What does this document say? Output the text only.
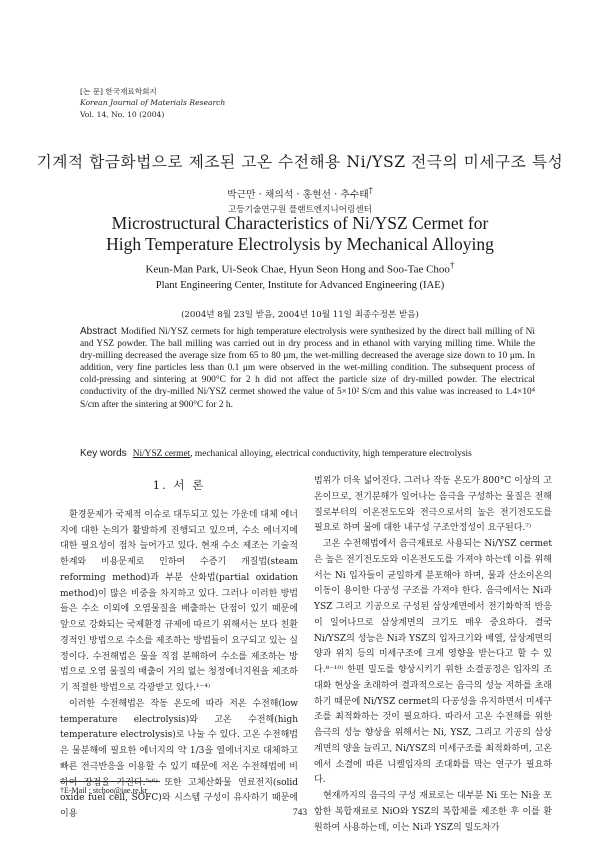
[논 문] 한국재료학회지
Korean Journal of Materials Research
Vol. 14, No. 10 (2004)
기계적 합금화법으로 제조된 고온 수전해용 Ni/YSZ 전극의 미세구조 특성
박근만 · 채의석 · 홍현선 · 추수태†
고등기술연구원 플랜트엔지니어링센터
Microstructural Characteristics of Ni/YSZ Cermet for
High Temperature Electrolysis by Mechanical Alloying
Keun-Man Park, Ui-Seok Chae, Hyun Seon Hong and Soo-Tae Choo†
Plant Engineering Center, Institute for Advanced Engineering (IAE)
(2004년 8월 23일 받음, 2004년 10월 11일 최종수정본 받음)
Abstract Modified Ni/YSZ cermets for high temperature electrolysis were synthesized by the direct ball milling of Ni and YSZ powder. The ball milling was carried out in dry process and in ethanol with varying milling time. While the dry-milling decreased the average size from 65 to 80 μm, the wet-milling decreased the average size down to 10 μm. In addition, very fine particles less than 0.1 μm were observed in the wet-milling condition. The subsequent process of cold-pressing and sintering at 900°C for 2 h did not affect the particle size of dry-milled powder. The electrical conductivity of the dry-milled Ni/YSZ cermet showed the value of 5×10² S/cm and this value was increased to 1.4×10⁴ S/cm after the sintering at 900°C for 2 h.
Key words Ni/YSZ cermet, mechanical alloying, electrical conductivity, high temperature electrolysis

1. 서 론

환경문제가 국제적 이슈로 대두되고 있는 가운데 대체 에너지에 대한 논의가 활발하게 진행되고 있으며, 수소 에너지에 대한 필요성이 점차 늘어가고 있다. 현재 수소 제조는 기술적 한계와 비용문제로 인하여 수증기 개질법(steam reforming method)과 부분 산화법(partial oxidation method)이 많은 비중을 차지하고 있다. 그러나 이러한 방법들은 수소 이외에 오염물질을 배출하는 단점이 있기 때문에 앞으로 강화되는 국제환경 규제에 따르기 위해서는 보다 친환경적인 방법으로 수소를 제조하는 방법들이 요구되고 있는 실정이다. 수전해법은 물을 직접 분해하여 수소를 제조하는 방법으로 오염 물질의 배출이 거의 없는 청정에너지원을 제조하기 적절한 방법으로 각광받고 있다.¹⁻⁴⁾

이러한 수전해법은 작동 온도에 따라 저온 수전해(low temperature electrolysis)와 고온 수전해(high temperature electrolysis)로 나눌 수 있다. 고온 수전해법은 물분해에 필요한 에너지의 약 1/3을 열에너지로 대체하고 빠른 전극반응을 이용할 수 있기 때문에 저온 수전해법에 비하여 장점을 가진다.⁵˒⁶⁾ 또한 고체산화물 연료전지(solid oxide fuel cell, SOFC)와 시스템 구성이 유사하기 때문에 이용

범위가 더욱 넓어진다. 그러나 작동 온도가 800°C 이상의 고온이므로, 전기분해가 일어나는 음극을 구성하는 물질은 전해질로부터의 이온전도도와 전극으로서의 높은 전기전도도를 필요로 하며 물에 대한 내구성 구조안정성이 요구된다.⁷⁾

고온 수전해법에서 음극재료로 사용되는 Ni/YSZ cermet은 높은 전기전도도와 이온전도도를 가져야 하는데 이를 위해서는 Ni 입자들이 균일하게 분포해야 하며, 물과 산소이온의 이동이 용이한 다공성 구조를 가져야 한다. 음극에서는 Ni과 YSZ 그리고 기공으로 구성된 삼상계면에서 전기화학적 반응이 일어나므로 삼상계면의 크기도 매우 중요하다. 결국 Ni/YSZ의 성능은 Ni과 YSZ의 입자크기와 배열, 삼상계면의 양과 위치 등의 미세구조에 크게 영향을 받는다고 할 수 있다.⁸⁻¹⁰⁾ 한편 밀도를 향상시키기 위한 소결공정은 입자의 조대화 현상을 초래하여 결과적으로는 음극의 성능 저하를 초래하기 때문에 Ni/YSZ cermet의 다공성을 유지하면서 미세구조를 최적화하는 것이 필요하다. 따라서 고온 수전해를 위한 음극의 성능 향상을 위해서는 Ni, YSZ, 그리고 기공의 삼상계면의 양을 늘리고, Ni/YSZ의 미세구조를 최적화하며, 고온에서 소결에 따른 니켈입자의 조대화를 막는 연구가 필요하다.

현재까지의 음극의 구성 재료로는 대부분 Ni 또는 Ni을 포함한 복합재료로 NiO와 YSZ의 복합체를 제조한 후 이를 환원하여 사용하는데, 이는 Ni과 YSZ의 밀도차가

†E-Mail : stchoo@iae.re.kr
743
